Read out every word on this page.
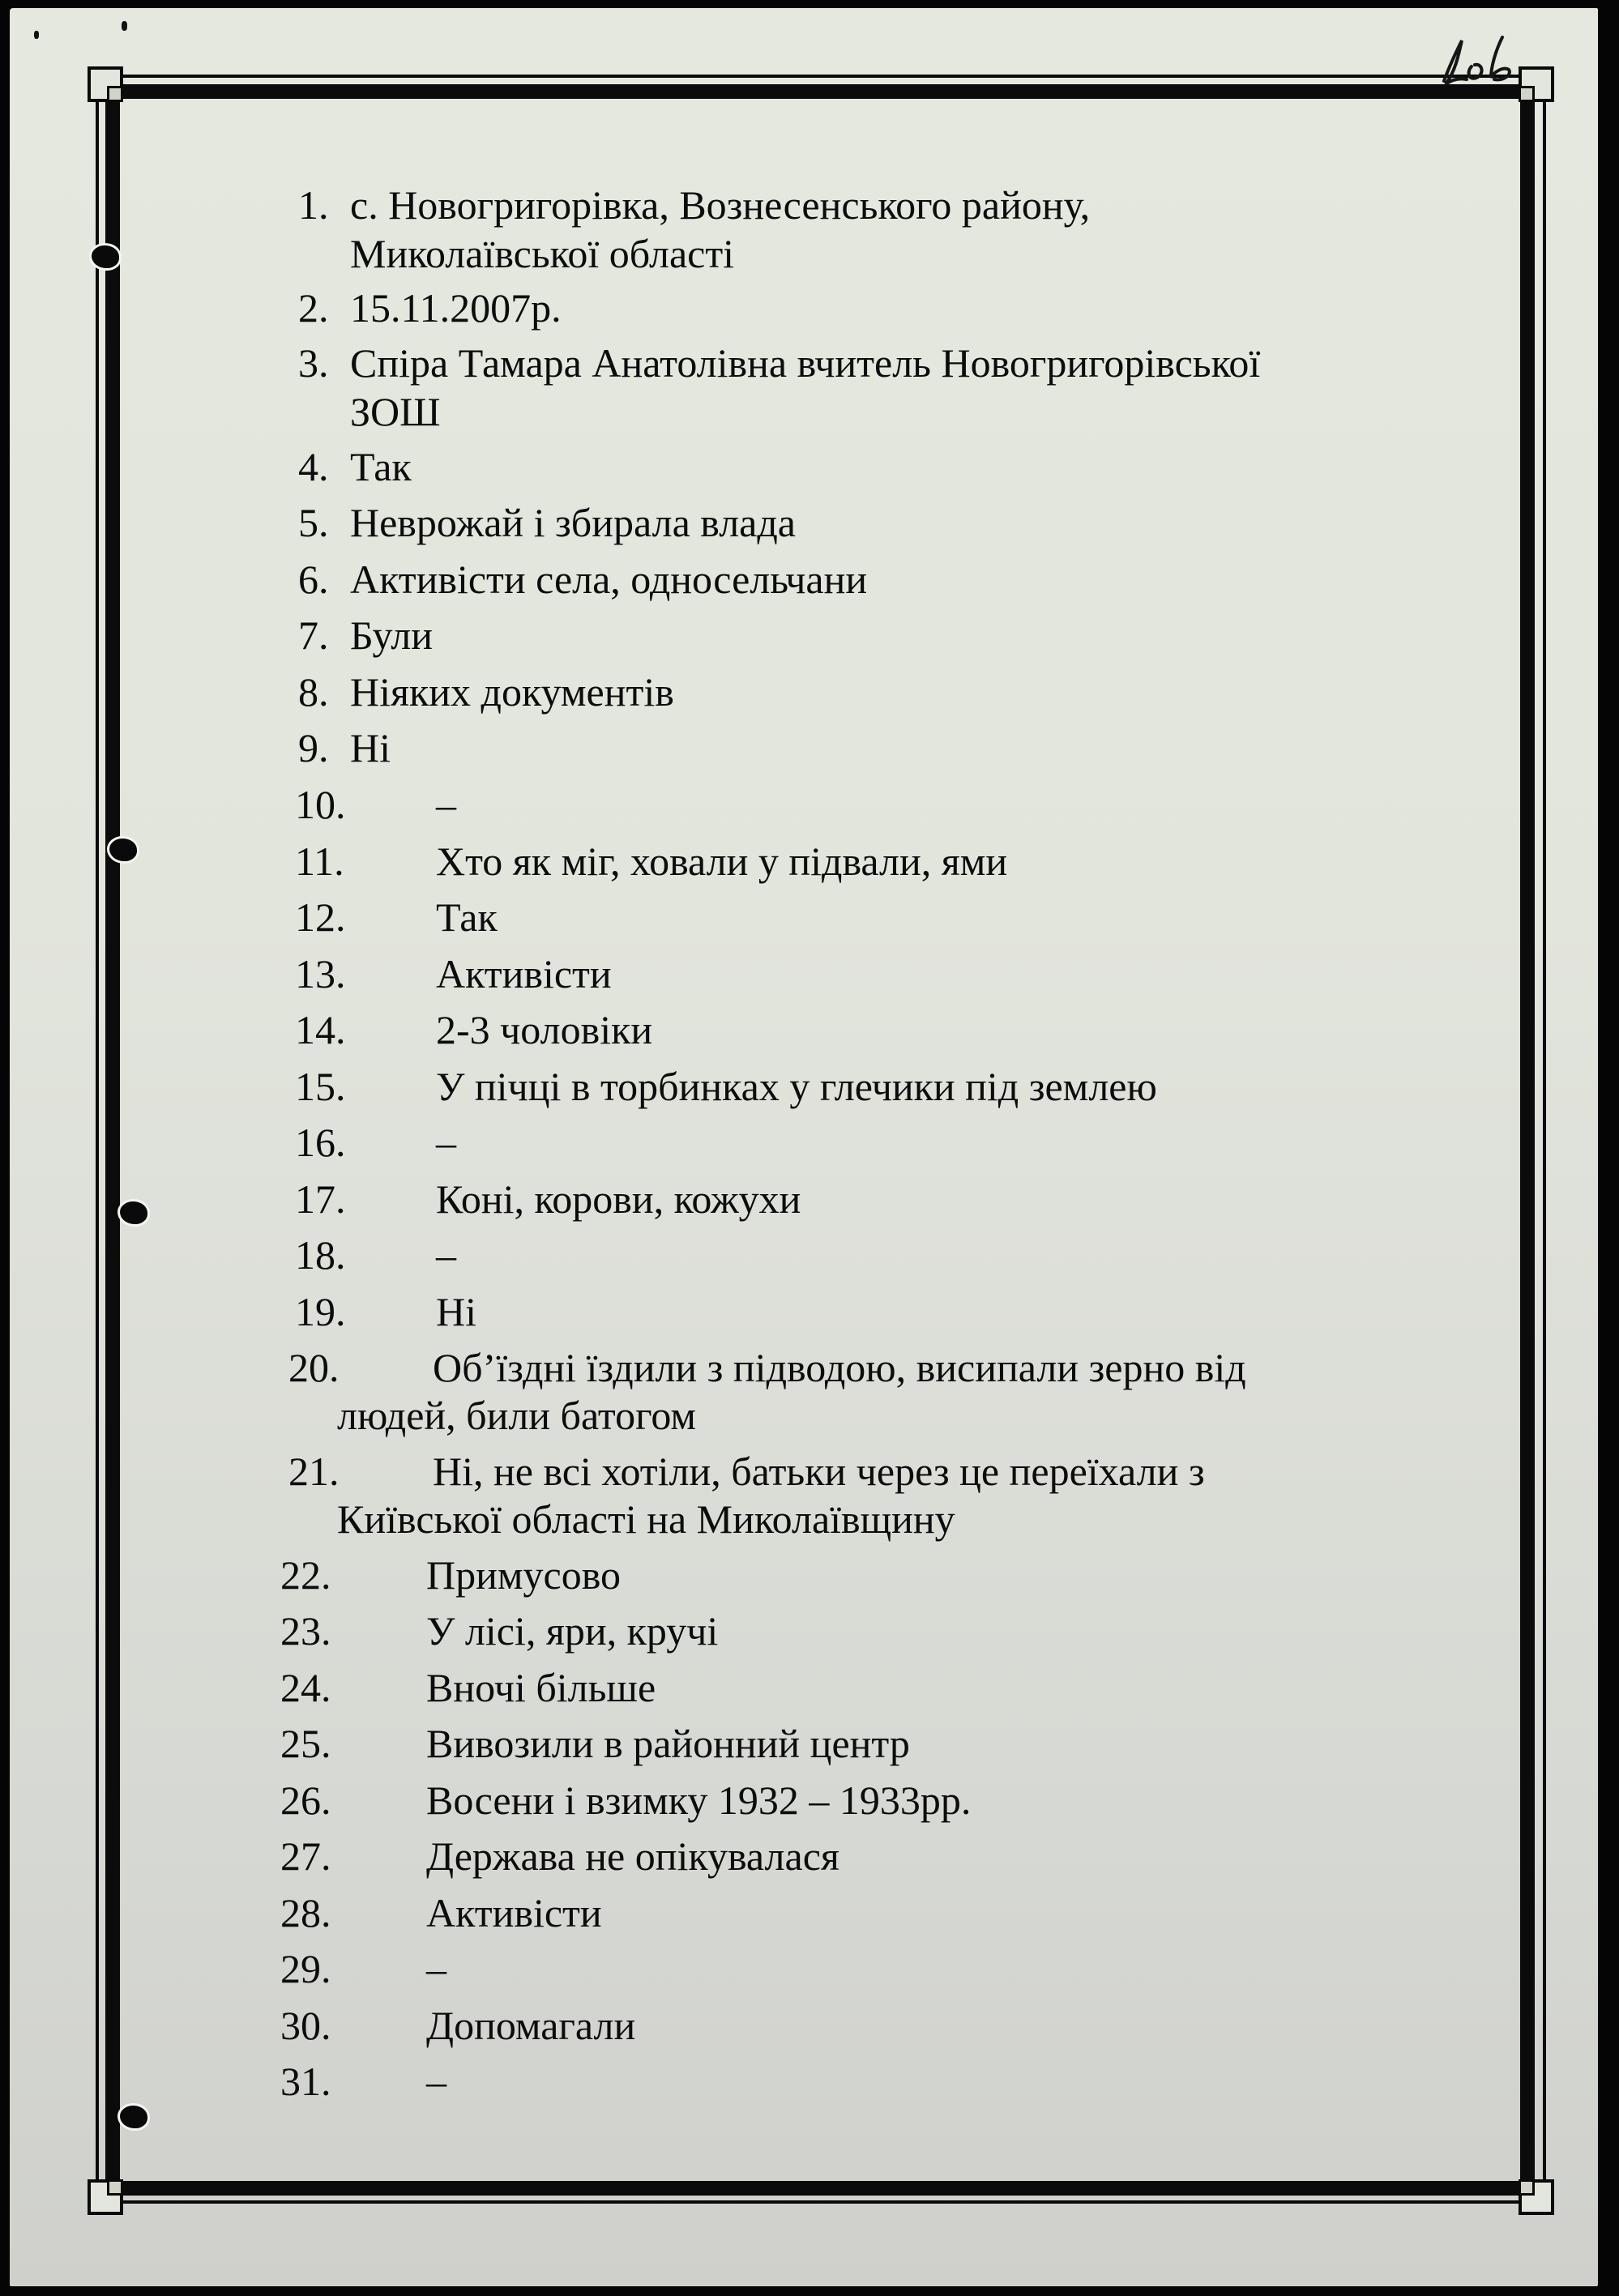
1. с. Новогригорівка, Вознесенського району,
Миколаївської області
2. 15.11.2007р.
3. Спіра Тамара Анатолівна вчитель Новогригорівської
ЗОШ
4. Так
5. Неврожай і збирала влада
6. Активісти села, односельчани
7. Були
8. Ніяких документів
9. Ні
10. –
11. Хто як міг, ховали у підвали, ями
12. Так
13. Активісти
14. 2-3 чоловіки
15. У пічці в торбинках у глечики під землею
16. –
17. Коні, корови, кожухи
18. –
19. Ні
20. Об’їздні їздили з підводою, висипали зерно від
людей, били батогом
21. Ні, не всі хотіли, батьки через це переїхали з
Київської області на Миколаївщину
22. Примусово
23. У лісі, яри, кручі
24. Вночі більше
25. Вивозили в районний центр
26. Восени і взимку 1932 – 1933рр.
27. Держава не опікувалася
28. Активісти
29. –
30. Допомагали
31. –
